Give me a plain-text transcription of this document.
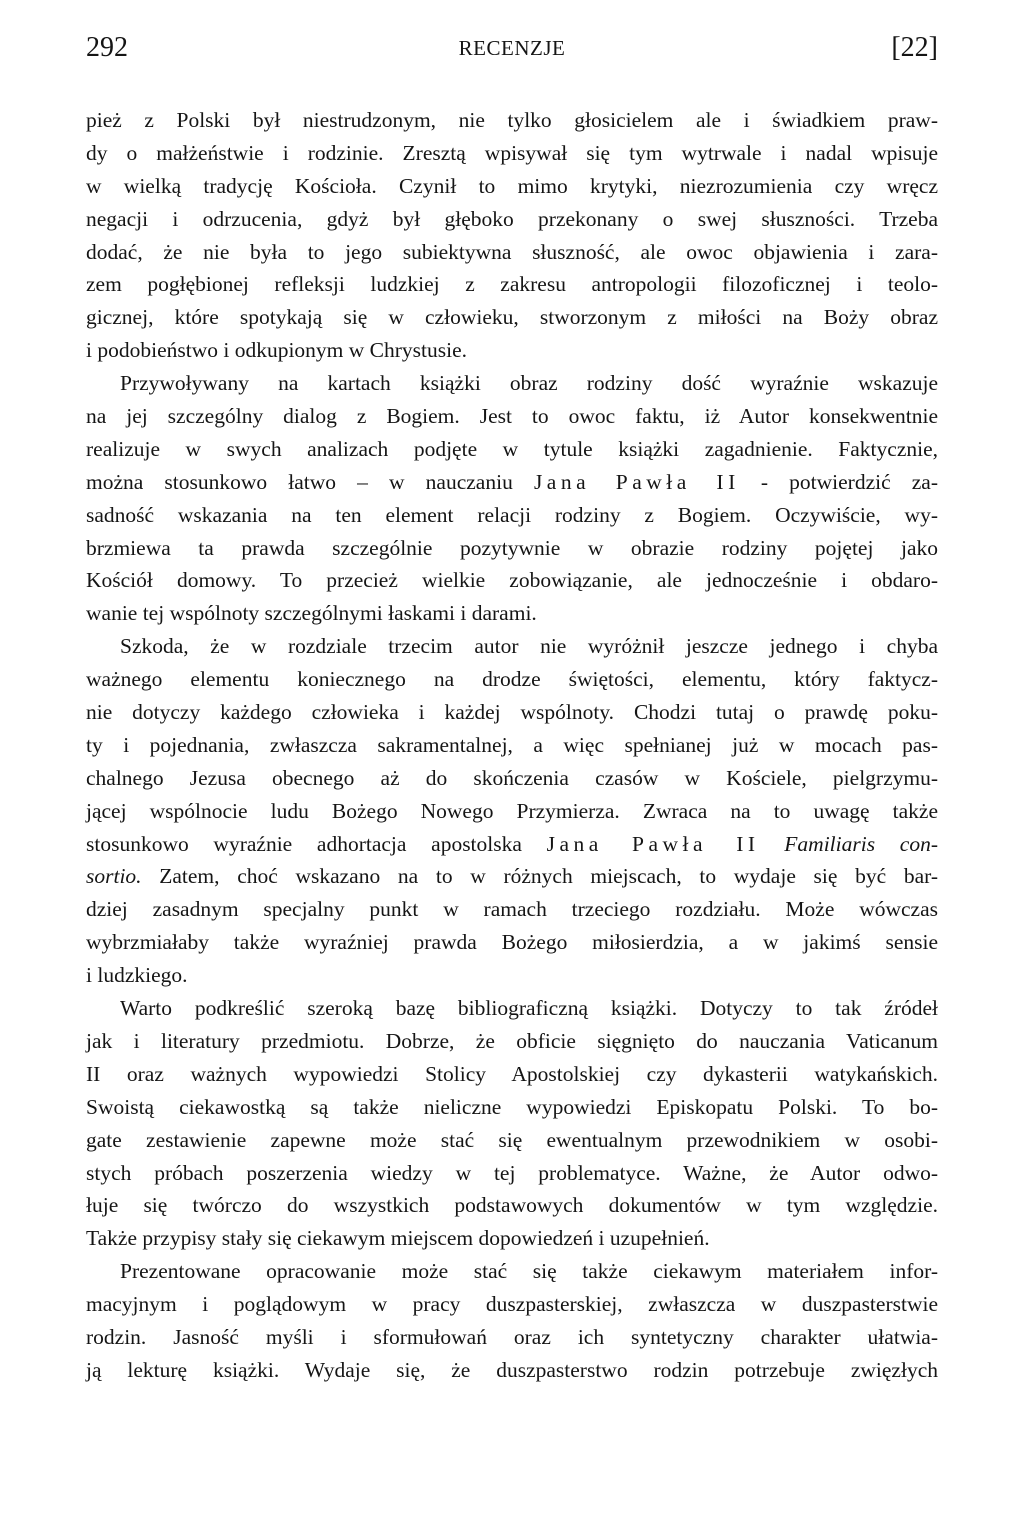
292	RECENZJE	[22]
pież z Polski był niestrudzonym, nie tylko głosicielem ale i świadkiem praw-
dy o małżeństwie i rodzinie. Zresztą wpisywał się tym wytrwale i nadal wpisuje
w wielką tradycję Kościoła. Czynił to mimo krytyki, niezrozumienia czy wręcz
negacji i odrzucenia, gdyż był głęboko przekonany o swej słuszności. Trzeba
dodać, że nie była to jego subiektywna słuszność, ale owoc objawienia i zara-
zem pogłębionej refleksji ludzkiej z zakresu antropologii filozoficznej i teolo-
gicznej, które spotykają się w człowieku, stworzonym z miłości na Boży obraz
i podobieństwo i odkupionym w Chrystusie.
Przywoływany na kartach książki obraz rodziny dość wyraźnie wskazuje
na jej szczególny dialog z Bogiem. Jest to owoc faktu, iż Autor konsekwentnie
realizuje w swych analizach podjęte w tytule książki zagadnienie. Faktycznie,
można stosunkowo łatwo – w nauczaniu Jana Pawła II - potwierdzić za-
sadność wskazania na ten element relacji rodziny z Bogiem. Oczywiście, wy-
brzmiewa ta prawda szczególnie pozytywnie w obrazie rodziny pojętej jako
Kościół domowy. To przecież wielkie zobowiązanie, ale jednocześnie i obdaro-
wanie tej wspólnoty szczególnymi łaskami i darami.
Szkoda, że w rozdziale trzecim autor nie wyróżnił jeszcze jednego i chyba
ważnego elementu koniecznego na drodze świętości, elementu, który faktycz-
nie dotyczy każdego człowieka i każdej wspólnoty. Chodzi tutaj o prawdę poku-
ty i pojednania, zwłaszcza sakramentalnej, a więc spełnianej już w mocach pas-
chalnego Jezusa obecnego aż do skończenia czasów w Kościele, pielgrzymu-
jącej wspólnocie ludu Bożego Nowego Przymierza. Zwraca na to uwagę także
stosunkowo wyraźnie adhortacja apostolska Jana Pawła II Familiaris con-
sortio. Zatem, choć wskazano na to w różnych miejscach, to wydaje się być bar-
dziej zasadnym specjalny punkt w ramach trzeciego rozdziału. Może wówczas
wybrzmiałaby także wyraźniej prawda Bożego miłosierdzia, a w jakimś sensie
i ludzkiego.
Warto podkreślić szeroką bazę bibliograficzną książki. Dotyczy to tak źródeł
jak i literatury przedmiotu. Dobrze, że obficie sięgnięto do nauczania Vaticanum
II oraz ważnych wypowiedzi Stolicy Apostolskiej czy dykasterii watykańskich.
Swoistą ciekawostką są także nieliczne wypowiedzi Episkopatu Polski. To bo-
gate zestawienie zapewne może stać się ewentualnym przewodnikiem w osobi-
stych próbach poszerzenia wiedzy w tej problematyce. Ważne, że Autor odwo-
łuje się twórczo do wszystkich podstawowych dokumentów w tym względzie.
Także przypisy stały się ciekawym miejscem dopowiedzeń i uzupełnień.
Prezentowane opracowanie może stać się także ciekawym materiałem infor-
macyjnym i poglądowym w pracy duszpasterskiej, zwłaszcza w duszpasterstwie
rodzin. Jasność myśli i sformułowań oraz ich syntetyczny charakter ułatwia-
ją lekturę książki. Wydaje się, że duszpasterstwo rodzin potrzebuje zwięzłych
